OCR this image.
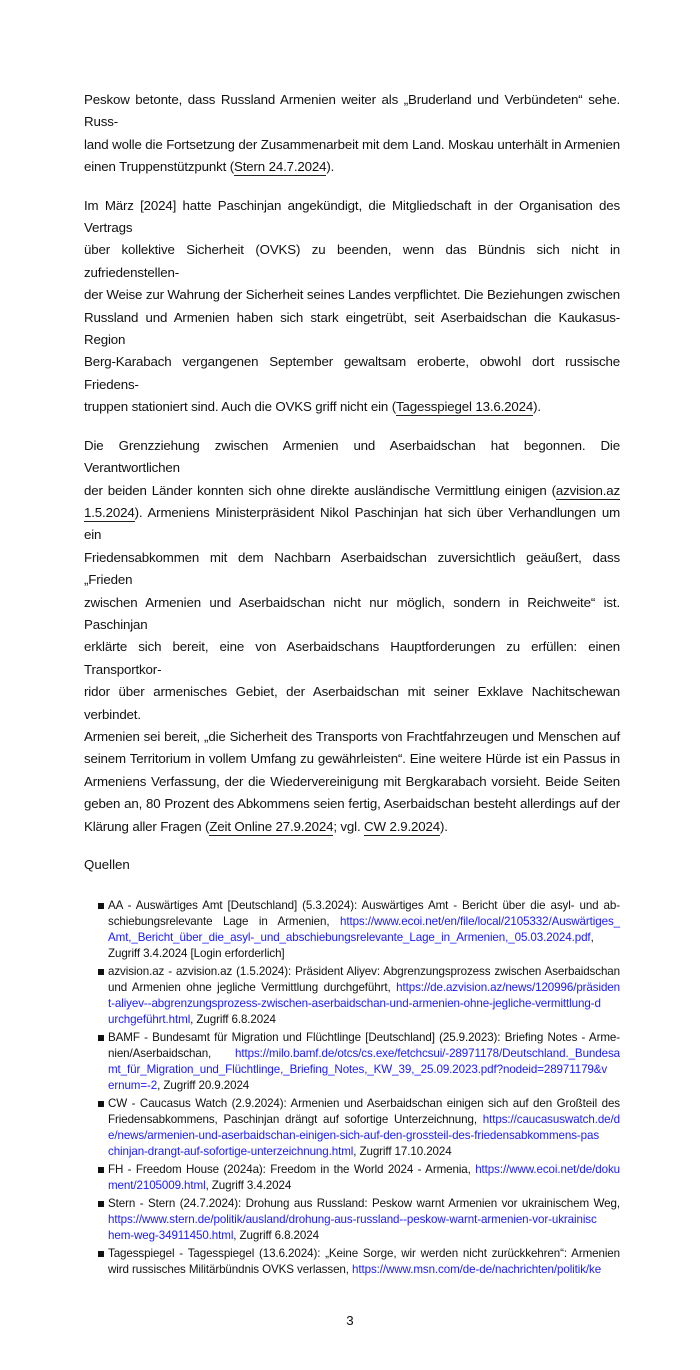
Peskow betonte, dass Russland Armenien weiter als „Bruderland und Verbündeten“ sehe. Russ-
land wolle die Fortsetzung der Zusammenarbeit mit dem Land. Moskau unterhält in Armenien
einen Truppenstützpunkt (Stern 24.7.2024).
Im März [2024] hatte Paschinjan angekündigt, die Mitgliedschaft in der Organisation des Vertrags
über kollektive Sicherheit (OVKS) zu beenden, wenn das Bündnis sich nicht in zufriedenstellen-
der Weise zur Wahrung der Sicherheit seines Landes verpflichtet. Die Beziehungen zwischen
Russland und Armenien haben sich stark eingetrübt, seit Aserbaidschan die Kaukasus-Region
Berg-Karabach vergangenen September gewaltsam eroberte, obwohl dort russische Friedens-
truppen stationiert sind. Auch die OVKS griff nicht ein (Tagesspiegel 13.6.2024).
Die Grenzziehung zwischen Armenien und Aserbaidschan hat begonnen. Die Verantwortlichen
der beiden Länder konnten sich ohne direkte ausländische Vermittlung einigen (azvision.az
1.5.2024). Armeniens Ministerpräsident Nikol Paschinjan hat sich über Verhandlungen um ein
Friedensabkommen mit dem Nachbarn Aserbaidschan zuversichtlich geäußert, dass „Frieden
zwischen Armenien und Aserbaidschan nicht nur möglich, sondern in Reichweite“ ist. Paschinjan
erklärte sich bereit, eine von Aserbaidschans Hauptforderungen zu erfüllen: einen Transportkor-
ridor über armenisches Gebiet, der Aserbaidschan mit seiner Exklave Nachitschewan verbindet.
Armenien sei bereit, „die Sicherheit des Transports von Frachtfahrzeugen und Menschen auf
seinem Territorium in vollem Umfang zu gewährleisten“. Eine weitere Hürde ist ein Passus in
Armeniens Verfassung, der die Wiedervereinigung mit Bergkarabach vorsieht. Beide Seiten
geben an, 80 Prozent des Abkommens seien fertig, Aserbaidschan besteht allerdings auf der
Klärung aller Fragen (Zeit Online 27.9.2024; vgl. CW 2.9.2024).
Quellen
AA - Auswärtiges Amt [Deutschland] (5.3.2024): Auswärtiges Amt - Bericht über die asyl- und ab-
schiebungsrelevante Lage in Armenien, https://www.ecoi.net/en/file/local/2105332/Auswärtiges_
Amt,_Bericht_über_die_asyl-_und_abschiebungsrelevante_Lage_in_Armenien,_05.03.2024.pdf,
Zugriff 3.4.2024 [Login erforderlich]
azvision.az - azvision.az (1.5.2024): Präsident Aliyev: Abgrenzungsprozess zwischen Aserbaidschan
und Armenien ohne jegliche Vermittlung durchgeführt, https://de.azvision.az/news/120996/präsiden
t-aliyev--abgrenzungsprozess-zwischen-aserbaidschan-und-armenien-ohne-jegliche-vermittlung-d
urchgeführt.html, Zugriff 6.8.2024
BAMF - Bundesamt für Migration und Flüchtlinge [Deutschland] (25.9.2023): Briefing Notes - Arme-
nien/Aserbaidschan, https://milo.bamf.de/otcs/cs.exe/fetchcsui/-28971178/Deutschland._Bundesa
mt_für_Migration_und_Flüchtlinge,_Briefing_Notes,_KW_39,_25.09.2023.pdf?nodeid=28971179&v
ernum=-2, Zugriff 20.9.2024
CW - Caucasus Watch (2.9.2024): Armenien und Aserbaidschan einigen sich auf den Großteil des
Friedensabkommens, Paschinjan drängt auf sofortige Unterzeichnung, https://caucasuswatch.de/d
e/news/armenien-und-aserbaidschan-einigen-sich-auf-den-grossteil-des-friedensabkommens-pas
chinjan-drangt-auf-sofortige-unterzeichnung.html, Zugriff 17.10.2024
FH - Freedom House (2024a): Freedom in the World 2024 - Armenia, https://www.ecoi.net/de/doku
ment/2105009.html, Zugriff 3.4.2024
Stern - Stern (24.7.2024): Drohung aus Russland: Peskow warnt Armenien vor ukrainischem Weg,
https://www.stern.de/politik/ausland/drohung-aus-russland--peskow-warnt-armenien-vor-ukrainisc
hem-weg-34911450.html, Zugriff 6.8.2024
Tagesspiegel - Tagesspiegel (13.6.2024): „Keine Sorge, wir werden nicht zurückkehren“: Armenien
wird russisches Militärbündnis OVKS verlassen, https://www.msn.com/de-de/nachrichten/politik/ke
3
